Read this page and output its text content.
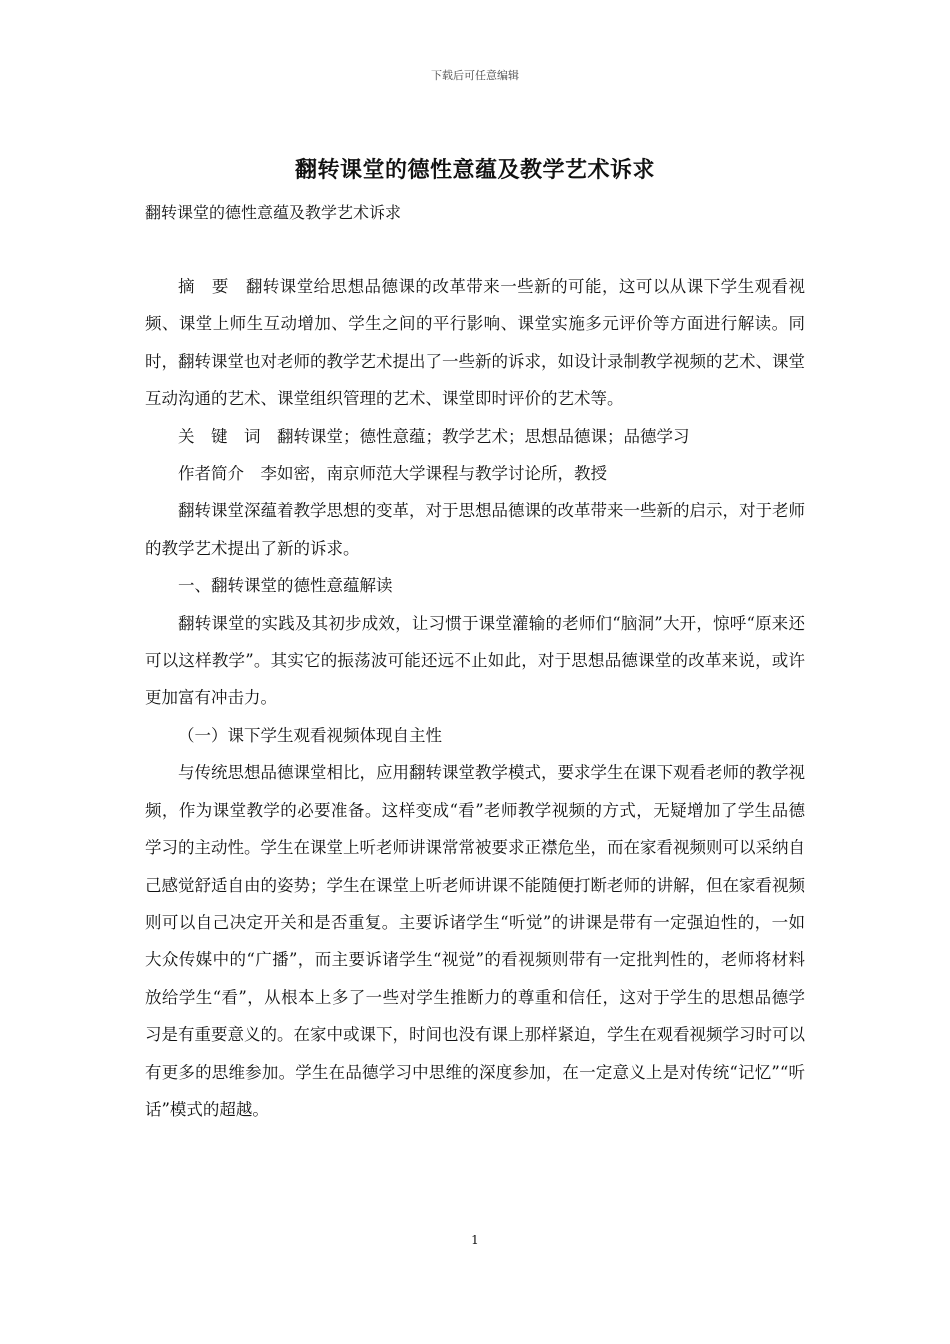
下载后可任意编辑
翻转课堂的德性意蕴及教学艺术诉求

翻转课堂的德性意蕴及教学艺术诉求

摘　要　翻转课堂给思想品德课的改革带来一些新的可能，这可以从课下学生观看视频、课堂上师生互动增加、学生之间的平行影响、课堂实施多元评价等方面进行解读。同时，翻转课堂也对老师的教学艺术提出了一些新的诉求，如设计录制教学视频的艺术、课堂互动沟通的艺术、课堂组织管理的艺术、课堂即时评价的艺术等。

关　键　词　翻转课堂；德性意蕴；教学艺术；思想品德课；品德学习

作者简介　李如密，南京师范大学课程与教学讨论所，教授

翻转课堂深蕴着教学思想的变革，对于思想品德课的改革带来一些新的启示，对于老师的教学艺术提出了新的诉求。

一、翻转课堂的德性意蕴解读

翻转课堂的实践及其初步成效，让习惯于课堂灌输的老师们“脑洞”大开，惊呼“原来还可以这样教学”。其实它的振荡波可能还远不止如此，对于思想品德课堂的改革来说，或许更加富有冲击力。

（一）课下学生观看视频体现自主性

与传统思想品德课堂相比，应用翻转课堂教学模式，要求学生在课下观看老师的教学视频，作为课堂教学的必要准备。这样变成“看”老师教学视频的方式，无疑增加了学生品德学习的主动性。学生在课堂上听老师讲课常常被要求正襟危坐，而在家看视频则可以采纳自己感觉舒适自由的姿势；学生在课堂上听老师讲课不能随便打断老师的讲解，但在家看视频则可以自己决定开关和是否重复。主要诉诸学生“听觉”的讲课是带有一定强迫性的，一如大众传媒中的“广播”，而主要诉诸学生“视觉”的看视频则带有一定批判性的，老师将材料放给学生“看”，从根本上多了一些对学生推断力的尊重和信任，这对于学生的思想品德学习是有重要意义的。在家中或课下，时间也没有课上那样紧迫，学生在观看视频学习时可以有更多的思维参加。学生在品德学习中思维的深度参加，在一定意义上是对传统“记忆”“听话”模式的超越。

1
